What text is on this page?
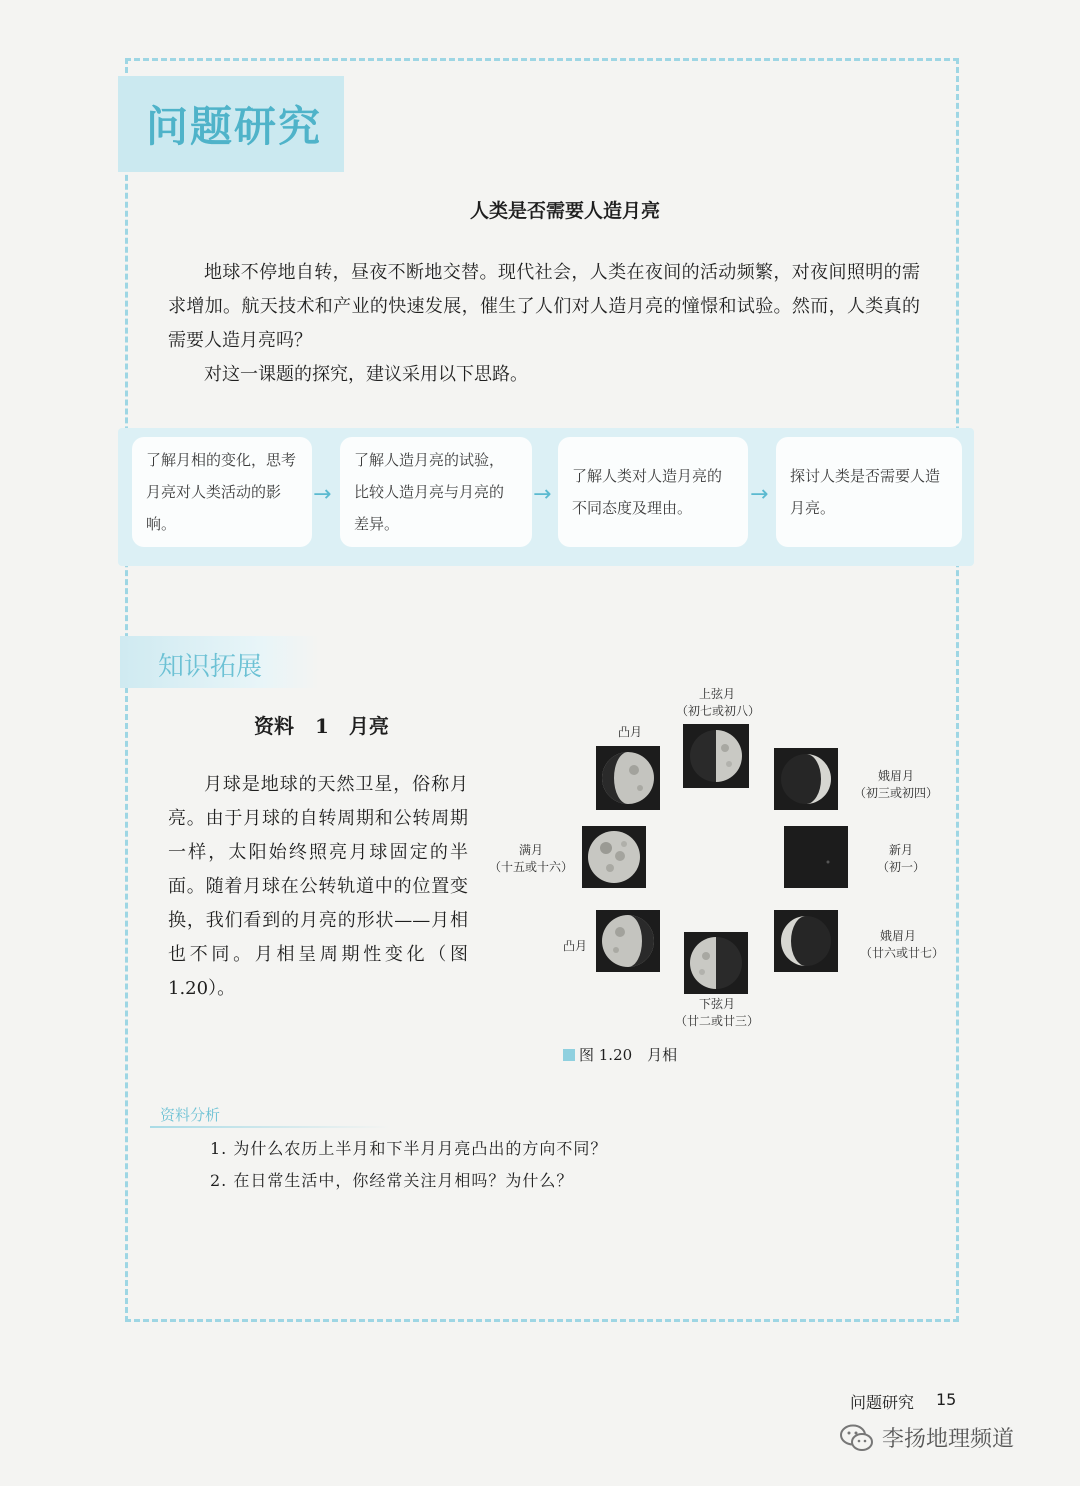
问题研究
人类是否需要人造月亮

地球不停地自转，昼夜不断地交替。现代社会，人类在夜间的活动频繁，对夜间照明的需求增加。航天技术和产业的快速发展，催生了人们对人造月亮的憧憬和试验。然而，人类真的需要人造月亮吗？

对这一课题的探究，建议采用以下思路。

了解月相的变化，思考月亮对人类活动的影响。
→
了解人造月亮的试验，比较人造月亮与月亮的差异。
→
了解人类对人造月亮的不同态度及理由。
→
探讨人类是否需要人造月亮。
知识拓展
资料 1　月亮

月球是地球的天然卫星，俗称月亮。由于月球的自转周期和公转周期一样，太阳始终照亮月球固定的半面。随着月球在公转轨道中的位置变换，我们看到的月亮的形状——月相也不同。月相呈周期性变化（图 1.20）。

上弦月
（初七或初八）
凸月
娥眉月
（初三或初四）
满月
（十五或十六）
新月
（初一）
凸月
娥眉月
（廿六或廿七）
下弦月
（廿二或廿三）
图 1.20　月相
资料分析
1. 为什么农历上半月和下半月月亮凸出的方向不同？
2. 在日常生活中，你经常关注月相吗？为什么？
问题研究 15
李扬地理频道
